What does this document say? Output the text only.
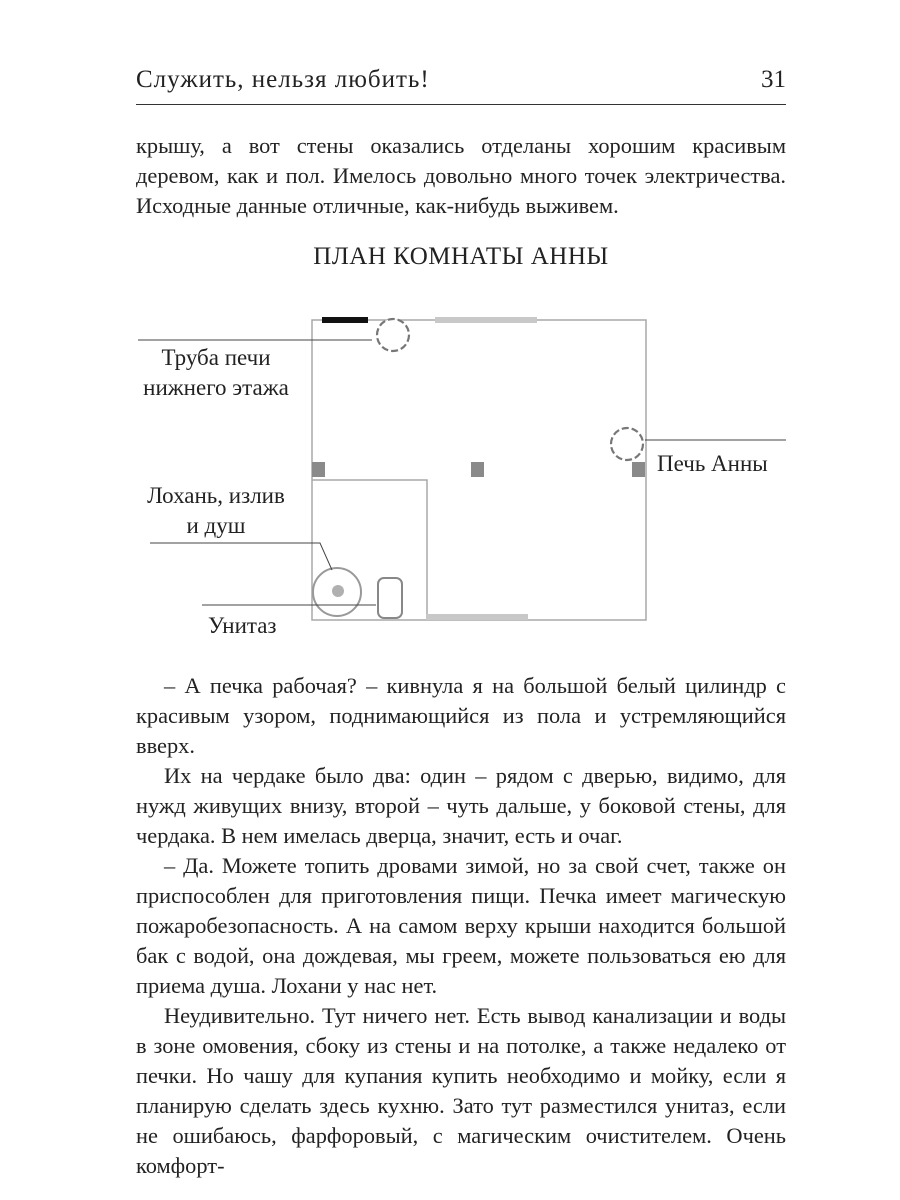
Служить, нельзя любить!	31

крышу, а вот стены оказались отделаны хорошим красивым деревом, как и пол. Имелось довольно много точек электричества. Исходные данные отличные, как-нибудь выживем.

ПЛАН КОМНАТЫ АННЫ
Труба печи
нижнего этажа
Печь Анны
Лохань, излив
и душ
Унитаз

– А печка рабочая? – кивнула я на большой белый цилиндр с красивым узором, поднимающийся из пола и устремляющийся вверх.

Их на чердаке было два: один – рядом с дверью, видимо, для нужд живущих внизу, второй – чуть дальше, у боковой стены, для чердака. В нем имелась дверца, значит, есть и очаг.

– Да. Можете топить дровами зимой, но за свой счет, также он приспособлен для приготовления пищи. Печка имеет магическую пожаробезопасность. А на самом верху крыши находится большой бак с водой, она дождевая, мы греем, можете пользоваться ею для приема душа. Лохани у нас нет.

Неудивительно. Тут ничего нет. Есть вывод канализации и воды в зоне омовения, сбоку из стены и на потолке, а также недалеко от печки. Но чашу для купания купить необходимо и мойку, если я планирую сделать здесь кухню. Зато тут разместился унитаз, если не ошибаюсь, фарфоровый, с магическим очистителем. Очень комфорт-
